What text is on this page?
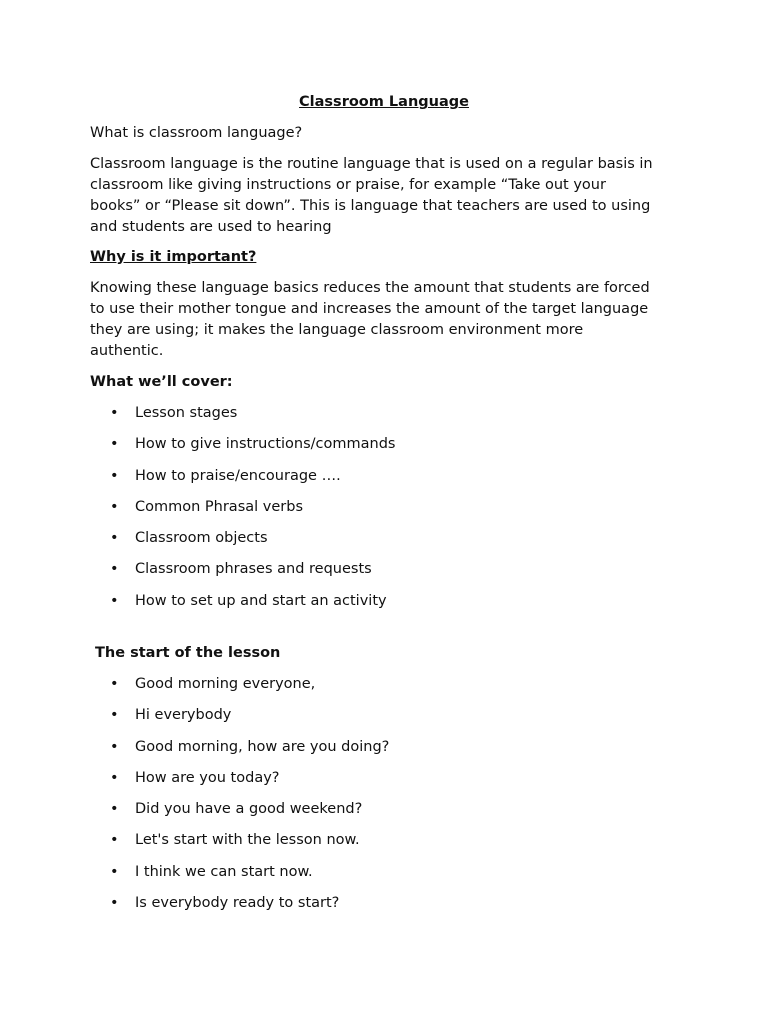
Classroom Language
What is classroom language?
Classroom language is the routine language that is used on a regular basis in
classroom like giving instructions or praise, for example “Take out your
books” or “Please sit down”. This is language that teachers are used to using
and students are used to hearing
Why is it important?
Knowing these language basics reduces the amount that students are forced
to use their mother tongue and increases the amount of the target language
they are using; it makes the language classroom environment more
authentic.
What we’ll cover:
• Lesson stages
• How to give instructions/commands
• How to praise/encourage ….
• Common Phrasal verbs
• Classroom objects
• Classroom phrases and requests
• How to set up and start an activity
The start of the lesson
• Good morning everyone,
• Hi everybody
• Good morning, how are you doing?
• How are you today?
• Did you have a good weekend?
• Let's start with the lesson now.
• I think we can start now.
• Is everybody ready to start?
